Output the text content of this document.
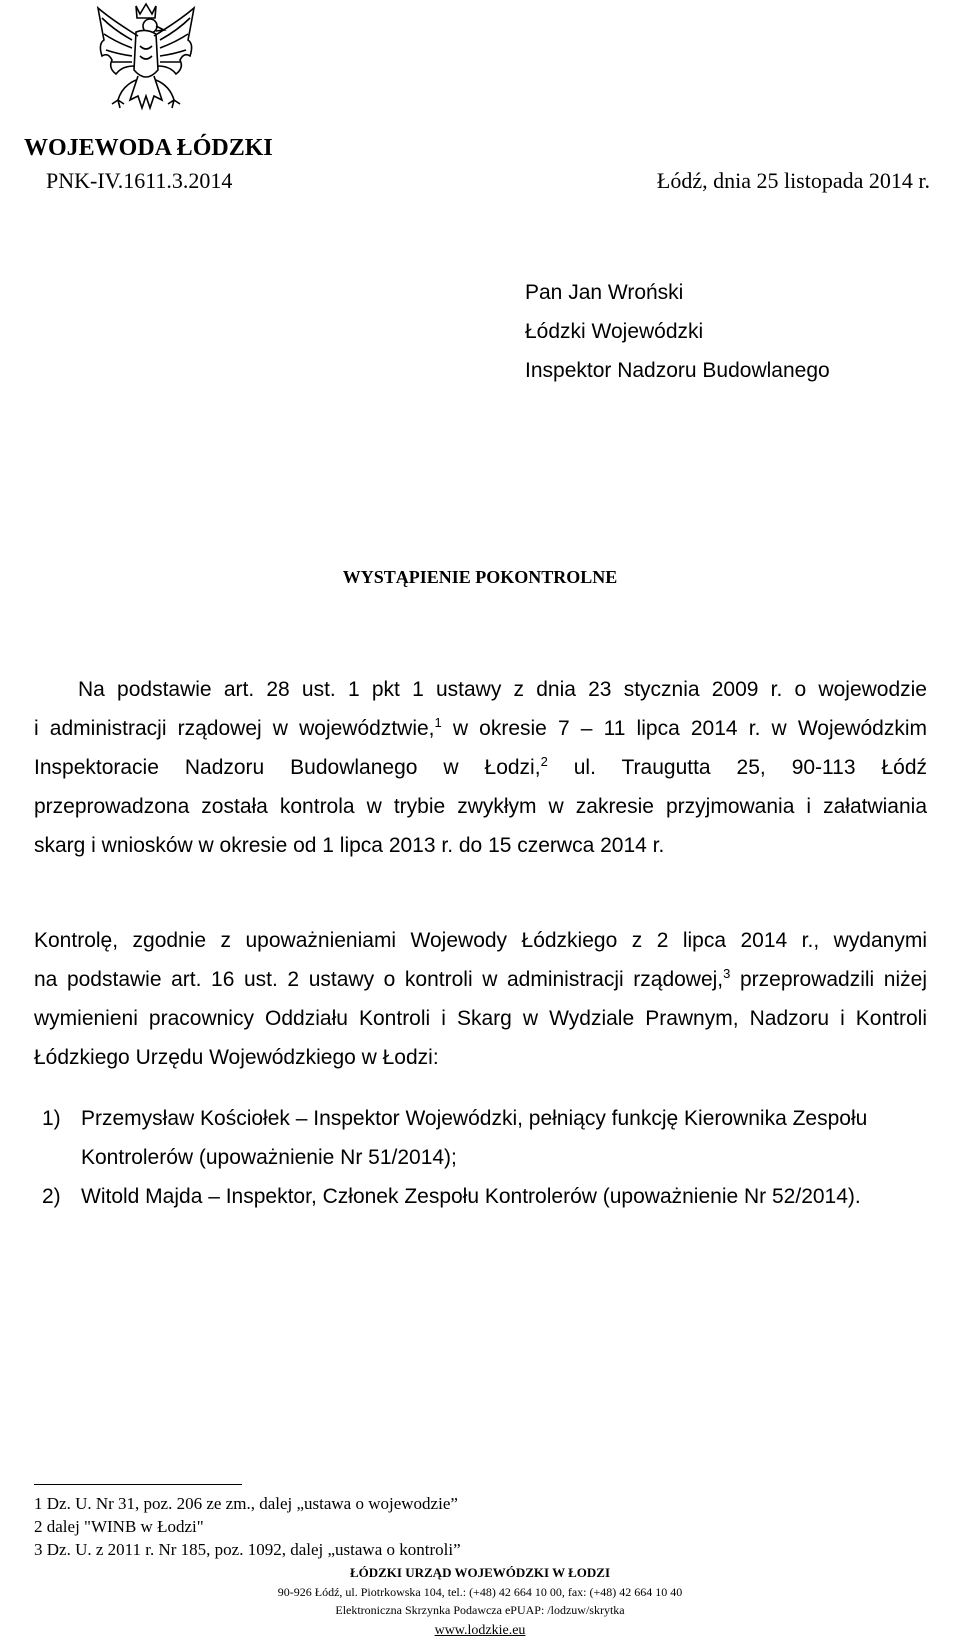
WOJEWODA ŁÓDZKI
PNK-IV.1611.3.2014	Łódź, dnia 25 listopada 2014 r.
Pan Jan Wroński
Łódzki Wojewódzki
Inspektor Nadzoru Budowlanego
WYSTĄPIENIE POKONTROLNE
Na podstawie art. 28 ust. 1 pkt 1 ustawy z dnia 23 stycznia 2009 r. o wojewodzie
i administracji rządowej w województwie,$^1$ w okresie 7 – 11 lipca 2014 r. w Wojewódzkim
Inspektoracie Nadzoru Budowlanego w Łodzi,$^2$ ul. Traugutta 25, 90-113 Łódź
przeprowadzona została kontrola w trybie zwykłym w zakresie przyjmowania i załatwiania
skarg i wniosków w okresie od 1 lipca 2013 r. do 15 czerwca 2014 r.
Kontrolę, zgodnie z upoważnieniami Wojewody Łódzkiego z 2 lipca 2014 r., wydanymi
na podstawie art. 16 ust. 2 ustawy o kontroli w administracji rządowej,$^3$ przeprowadzili niżej
wymienieni pracownicy Oddziału Kontroli i Skarg w Wydziale Prawnym, Nadzoru i Kontroli
Łódzkiego Urzędu Wojewódzkiego w Łodzi:
1) Przemysław Kościołek – Inspektor Wojewódzki, pełniący funkcję Kierownika Zespołu
Kontrolerów (upoważnienie Nr 51/2014);
2) Witold Majda – Inspektor, Członek Zespołu Kontrolerów (upoważnienie Nr 52/2014).
1 Dz. U. Nr 31, poz. 206 ze zm., dalej „ustawa o wojewodzie”
2 dalej "WINB w Łodzi"
3 Dz. U. z 2011 r. Nr 185, poz. 1092, dalej „ustawa o kontroli”
ŁÓDZKI URZĄD WOJEWÓDZKI W ŁODZI
90-926 Łódź, ul. Piotrkowska 104, tel.: (+48) 42 664 10 00, fax: (+48) 42 664 10 40
Elektroniczna Skrzynka Podawcza ePUAP: /lodzuw/skrytka
www.lodzkie.eu
